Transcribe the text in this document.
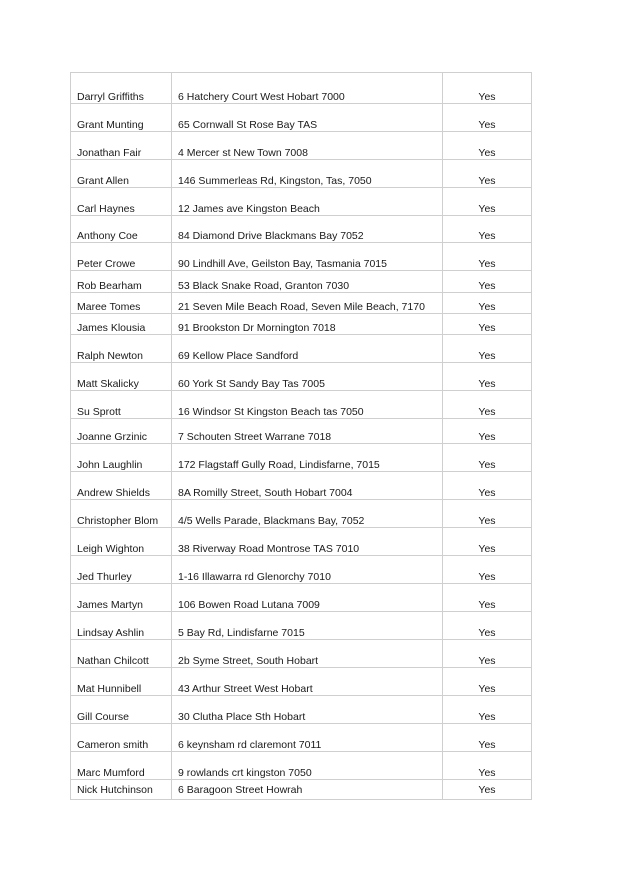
Darryl Griffiths	6 Hatchery Court West Hobart 7000	Yes
Grant Munting	65 Cornwall St Rose Bay TAS	Yes
Jonathan Fair	4 Mercer st New Town 7008	Yes
Grant Allen	146 Summerleas Rd, Kingston, Tas, 7050	Yes
Carl Haynes	12 James ave Kingston Beach	Yes
Anthony Coe	84 Diamond Drive Blackmans Bay 7052	Yes
Peter Crowe	90 Lindhill Ave, Geilston Bay, Tasmania 7015	Yes
Rob Bearham	53 Black Snake Road, Granton 7030	Yes
Maree Tomes	21 Seven Mile Beach Road, Seven Mile Beach, 7170	Yes
James Klousia	91 Brookston Dr Mornington 7018	Yes
Ralph Newton	69 Kellow Place Sandford	Yes
Matt Skalicky	60 York St Sandy Bay Tas 7005	Yes
Su Sprott	16 Windsor St Kingston Beach tas 7050	Yes
Joanne Grzinic	7 Schouten Street Warrane 7018	Yes
John Laughlin	172 Flagstaff Gully Road, Lindisfarne, 7015	Yes
Andrew Shields	8A Romilly Street, South Hobart 7004	Yes
Christopher Blom	4/5 Wells Parade, Blackmans Bay, 7052	Yes
Leigh Wighton	38 Riverway Road Montrose TAS 7010	Yes
Jed Thurley	1-16 Illawarra rd Glenorchy 7010	Yes
James Martyn	106 Bowen Road Lutana 7009	Yes
Lindsay Ashlin	5 Bay Rd, Lindisfarne 7015	Yes
Nathan Chilcott	2b Syme Street, South Hobart	Yes
Mat Hunnibell	43 Arthur Street West Hobart	Yes
Gill Course	30 Clutha Place Sth Hobart	Yes
Cameron smith	6 keynsham rd claremont 7011	Yes
Marc Mumford	9 rowlands crt kingston 7050	Yes
Nick Hutchinson	6 Baragoon Street Howrah	Yes
